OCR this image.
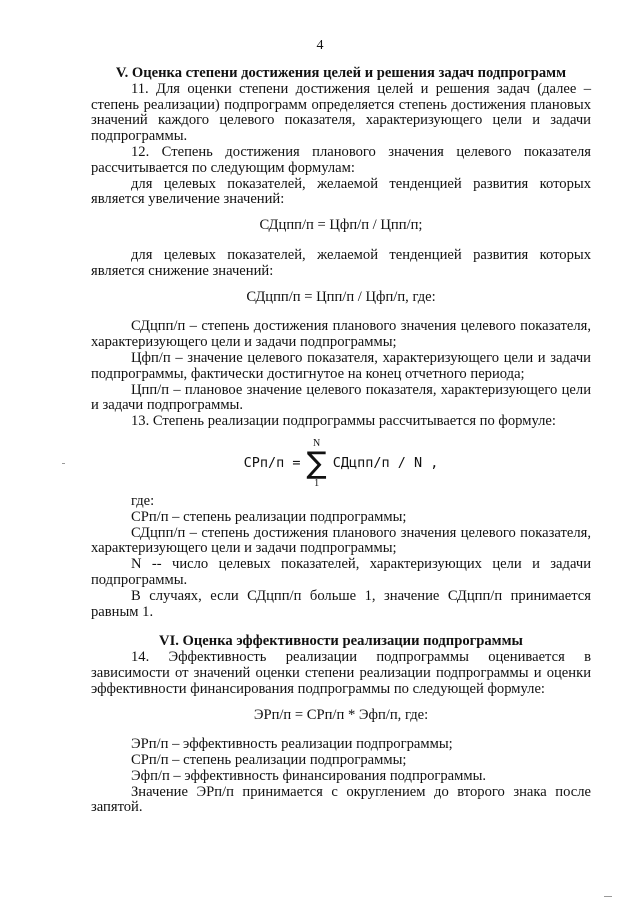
4

V. Оценка степени достижения целей и решения задач подпрограмм

11. Для оценки степени достижения целей и решения задач (далее – степень реализации) подпрограмм определяется степень достижения плановых значений каждого целевого показателя, характеризующего цели и задачи подпрограммы.

12. Степень достижения планового значения целевого показателя рассчитывается по следующим формулам:

для целевых показателей, желаемой тенденцией развития которых является увеличение значений:

СДцпп/п = Цфп/п / Цпп/п;

для целевых показателей, желаемой тенденцией развития которых является снижение значений:

СДцпп/п = Цпп/п / Цфп/п, где:

СДцпп/п – степень достижения планового значения целевого показателя, характеризующего цели и задачи подпрограммы;

Цфп/п – значение целевого показателя, характеризующего цели и задачи подпрограммы, фактически достигнутое на конец отчетного периода;

Цпп/п – плановое значение целевого показателя, характеризующего цели и задачи подпрограммы.

13. Степень реализации подпрограммы рассчитывается по формуле:

СРп/п =
N
∑
1
СДцпп/п / N ,

где:

СРп/п – степень реализации подпрограммы;

СДцпп/п – степень достижения планового значения целевого показателя, характеризующего цели и задачи подпрограммы;

N -- число целевых показателей, характеризующих цели и задачи подпрограммы.

В случаях, если СДцпп/п больше 1, значение СДцпп/п принимается равным 1.

VI. Оценка эффективности реализации подпрограммы

14. Эффективность реализации подпрограммы оценивается в зависимости от значений оценки степени реализации подпрограммы и оценки эффективности финансирования подпрограммы по следующей формуле:

ЭРп/п = СРп/п * Эфп/п, где:

ЭРп/п – эффективность реализации подпрограммы;

СРп/п – степень реализации подпрограммы;

Эфп/п – эффективность финансирования подпрограммы.

Значение ЭРп/п принимается с округлением до второго знака после запятой.
